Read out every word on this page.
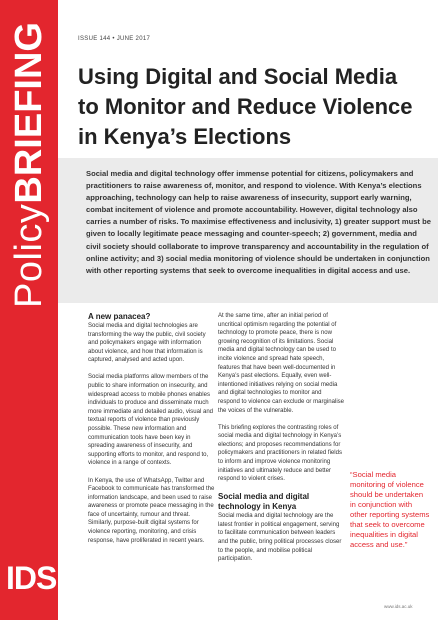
PolicyBRIEFING
IDS
ISSUE 144 • JUNE 2017
Using Digital and Social Media to Monitor and Reduce Violence in Kenya’s Elections

Social media and digital technology offer immense potential for citizens, policymakers and practitioners to raise awareness of, monitor, and respond to violence. With Kenya’s elections approaching, technology can help to raise awareness of insecurity, support early warning, combat incitement of violence and promote accountability. However, digital technology also carries a number of risks. To maximise effectiveness and inclusivity, 1) greater support must be given to locally legitimate peace messaging and counter-speech; 2) government, media and civil society should collaborate to improve transparency and accountability in the regulation of online activity; and 3) social media monitoring of violence should be undertaken in conjunction with other reporting systems that seek to overcome inequalities in digital access and use.

A new panacea?

Social media and digital technologies are transforming the way the public, civil society and policymakers engage with information about violence, and how that information is captured, analysed and acted upon.

Social media platforms allow members of the public to share information on insecurity, and widespread access to mobile phones enables individuals to produce and disseminate much more immediate and detailed audio, visual and textual reports of violence than previously possible. These new information and communication tools have been key in spreading awareness of insecurity, and supporting efforts to monitor, and respond to, violence in a range of contexts.

In Kenya, the use of WhatsApp, Twitter and Facebook to communicate has transformed the information landscape, and been used to raise awareness or promote peace messaging in the face of uncertainty, rumour and threat. Similarly, purpose-built digital systems for violence reporting, monitoring, and crisis response, have proliferated in recent years.

At the same time, after an initial period of uncritical optimism regarding the potential of technology to promote peace, there is now growing recognition of its limitations. Social media and digital technology can be used to incite violence and spread hate speech, features that have been well-documented in Kenya’s past elections. Equally, even well-intentioned initiatives relying on social media and digital technologies to monitor and respond to violence can exclude or marginalise the voices of the vulnerable.

This briefing explores the contrasting roles of social media and digital technology in Kenya’s elections; and proposes recommendations for policymakers and practitioners in related fields to inform and improve violence monitoring initiatives and ultimately reduce and better respond to violent crises.

Social media and digital technology in Kenya

Social media and digital technology are the latest frontier in political engagement, serving to facilitate communication between leaders and the public, bring political processes closer to the people, and mobilise political participation.

“Social media monitoring of violence should be undertaken in conjunction with other reporting systems that seek to overcome inequalities in digital access and use.”
www.ids.ac.uk
